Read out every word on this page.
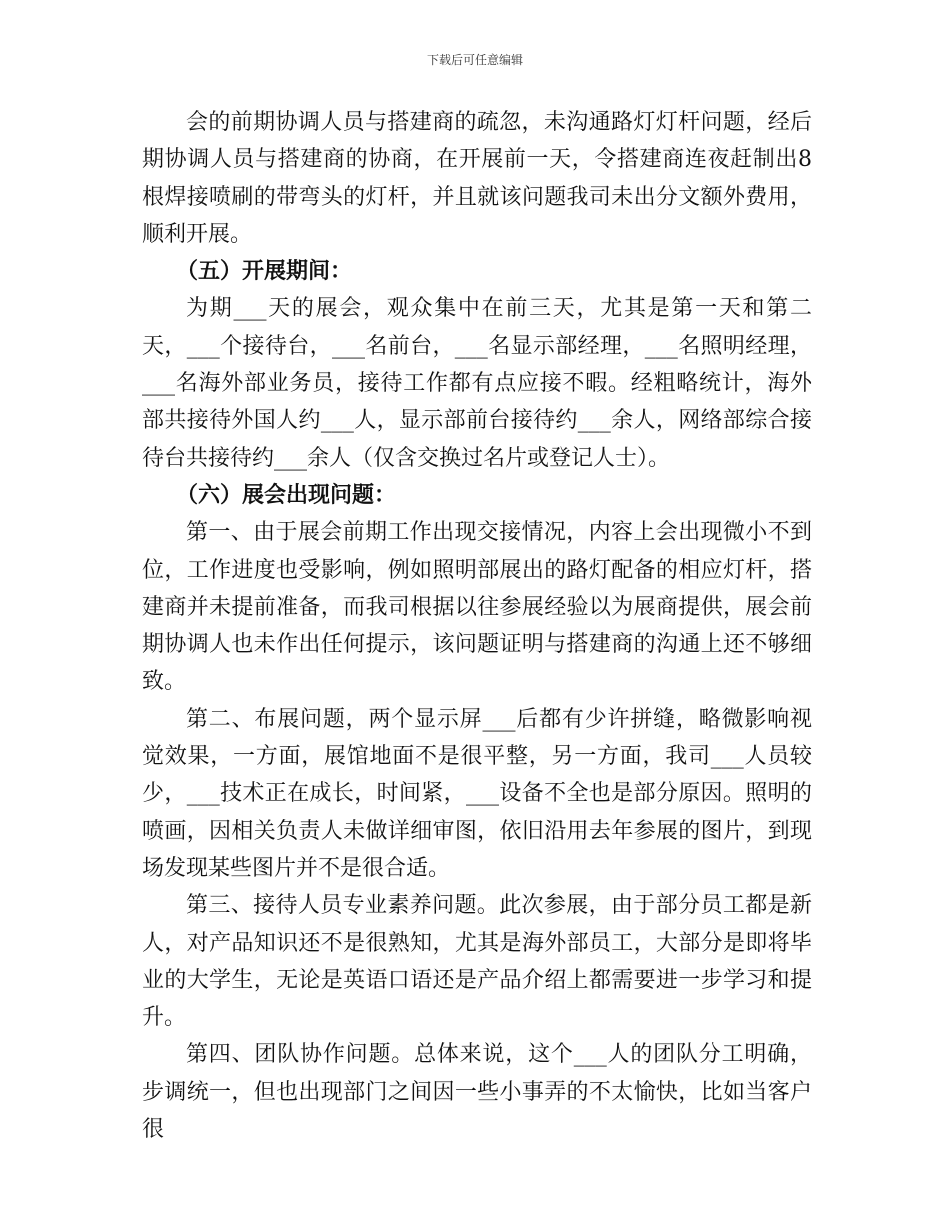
下载后可任意编辑

会的前期协调人员与搭建商的疏忽，未沟通路灯灯杆问题，经后期协调人员与搭建商的协商，在开展前一天，令搭建商连夜赶制出8根焊接喷刷的带弯头的灯杆，并且就该问题我司未出分文额外费用，顺利开展。

（五）开展期间：

为期___天的展会，观众集中在前三天，尤其是第一天和第二天，___个接待台，___名前台，___名显示部经理，___名照明经理，___名海外部业务员，接待工作都有点应接不暇。经粗略统计，海外部共接待外国人约___人，显示部前台接待约___余人，网络部综合接待台共接待约___余人（仅含交换过名片或登记人士）。

（六）展会出现问题：

第一、由于展会前期工作出现交接情况，内容上会出现微小不到位，工作进度也受影响，例如照明部展出的路灯配备的相应灯杆，搭建商并未提前准备，而我司根据以往参展经验以为展商提供，展会前期协调人也未作出任何提示，该问题证明与搭建商的沟通上还不够细致。

第二、布展问题，两个显示屏___后都有少许拼缝，略微影响视觉效果，一方面，展馆地面不是很平整，另一方面，我司___人员较少，___技术正在成长，时间紧，___设备不全也是部分原因。照明的喷画，因相关负责人未做详细审图，依旧沿用去年参展的图片，到现场发现某些图片并不是很合适。

第三、接待人员专业素养问题。此次参展，由于部分员工都是新人，对产品知识还不是很熟知，尤其是海外部员工，大部分是即将毕业的大学生，无论是英语口语还是产品介绍上都需要进一步学习和提升。

第四、团队协作问题。总体来说，这个___人的团队分工明确，步调统一，但也出现部门之间因一些小事弄的不太愉快，比如当客户很
